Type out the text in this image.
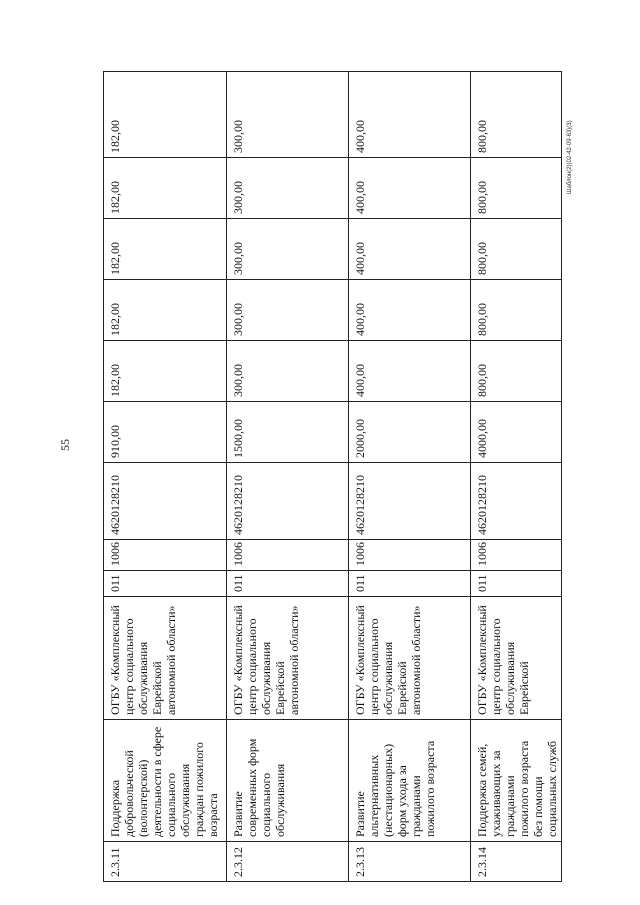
55
Шаблон(2)(02-42-09-63)(3)
2.3.11	Поддержка добровольческой (волонтерской) деятельности в сфере социального обслуживания граждан пожилого возраста	ОГБУ «Комплексный центр социального обслуживания Еврейской автономной области»	011	1006	4620128210	910,00	182,00	182,00	182,00	182,00	182,00
2.3.12	Развитие современных форм социального обслуживания	ОГБУ «Комплексный центр социального обслуживания Еврейской автономной области»	011	1006	4620128210	1500,00	300,00	300,00	300,00	300,00	300,00
2.3.13	Развитие альтернативных (нестационарных) форм ухода за гражданами пожилого возраста	ОГБУ «Комплексный центр социального обслуживания Еврейской автономной области»	011	1006	4620128210	2000,00	400,00	400,00	400,00	400,00	400,00
2.3.14	Поддержка семей, ухаживающих за гражданами пожилого возраста без помощи социальных служб	ОГБУ «Комплексный центр социального обслуживания Еврейской	011	1006	4620128210	4000,00	800,00	800,00	800,00	800,00	800,00
